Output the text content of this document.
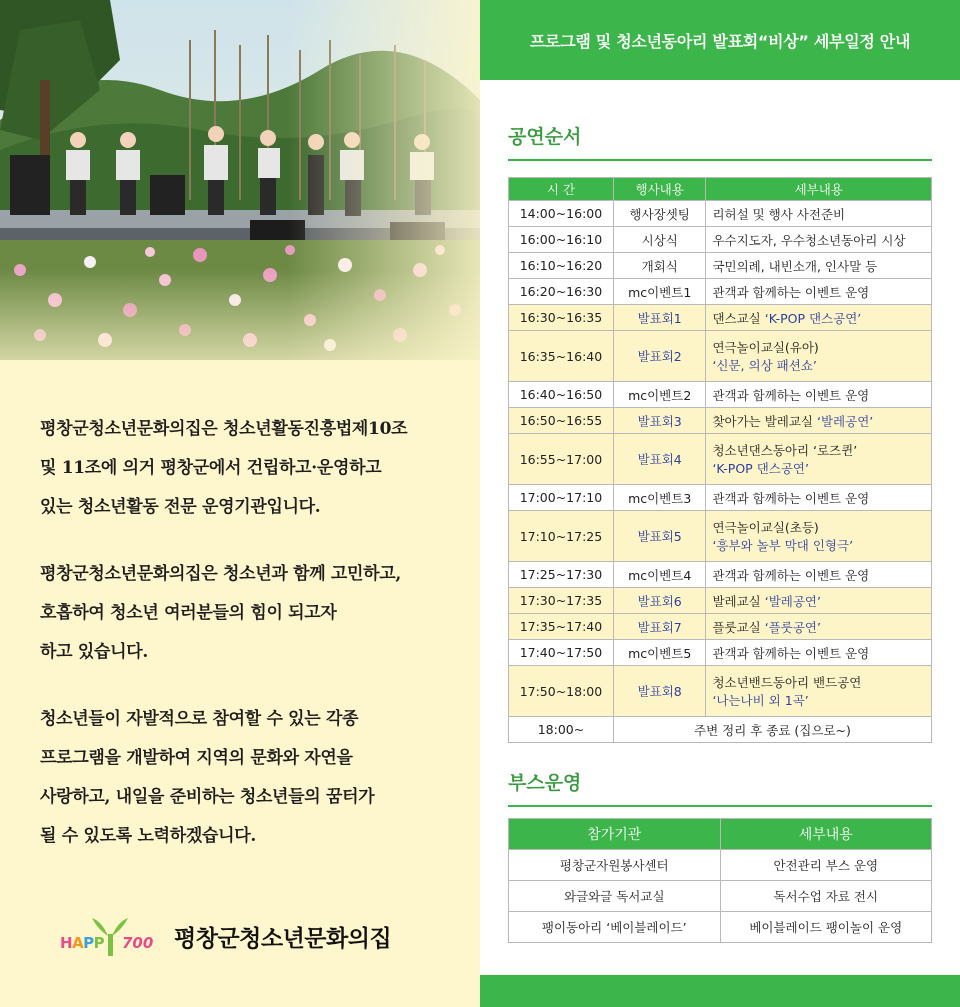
평창군청소년문화의집은 청소년활동진흥법제10조
및 11조에 의거 평창군에서 건립하고·운영하고
있는 청소년활동 전문 운영기관입니다.

평창군청소년문화의집은 청소년과 함께 고민하고,
호흡하여 청소년 여러분들의 힘이 되고자
하고 있습니다.

청소년들이 자발적으로 참여할 수 있는 각종
프로그램을 개발하여 지역의 문화와 자연을
사랑하고, 내일을 준비하는 청소년들의 꿈터가
될 수 있도록 노력하겠습니다.

HAPP 700 평창군청소년문화의집
프로그램 및 청소년동아리 발표회“비상” 세부일정 안내
공연순서
시 간	행사내용	세부내용
14:00~16:00	행사장셋팅	리허설 및 행사 사전준비
16:00~16:10	시상식	우수지도자, 우수청소년동아리 시상
16:10~16:20	개회식	국민의례, 내빈소개, 인사말 등
16:20~16:30	mc이벤트1	관객과 함께하는 이벤트 운영
16:30~16:35	발표회1	댄스교실 ‘K-POP 댄스공연’
16:35~16:40	발표회2	연극놀이교실(유아)
‘신문, 의상 패션쇼’
16:40~16:50	mc이벤트2	관객과 함께하는 이벤트 운영
16:50~16:55	발표회3	찾아가는 발레교실 ‘발레공연’
16:55~17:00	발표회4	청소년댄스동아리 ‘로즈퀸’
‘K-POP 댄스공연’
17:00~17:10	mc이벤트3	관객과 함께하는 이벤트 운영
17:10~17:25	발표회5	연극놀이교실(초등)
‘흥부와 놀부 막대 인형극’
17:25~17:30	mc이벤트4	관객과 함께하는 이벤트 운영
17:30~17:35	발표회6	발레교실 ‘발레공연’
17:35~17:40	발표회7	플룻교실 ‘플룻공연’
17:40~17:50	mc이벤트5	관객과 함께하는 이벤트 운영
17:50~18:00	발표회8	청소년밴드동아리 밴드공연
‘나는나비 외 1곡’
18:00~	주변 정리 후 종료 (집으로~)	
부스운영
참가기관	세부내용
평창군자원봉사센터	안전관리 부스 운영
와글와글 독서교실	독서수업 자료 전시
팽이동아리 ‘베이블레이드’	베이블레이드 팽이놀이 운영
